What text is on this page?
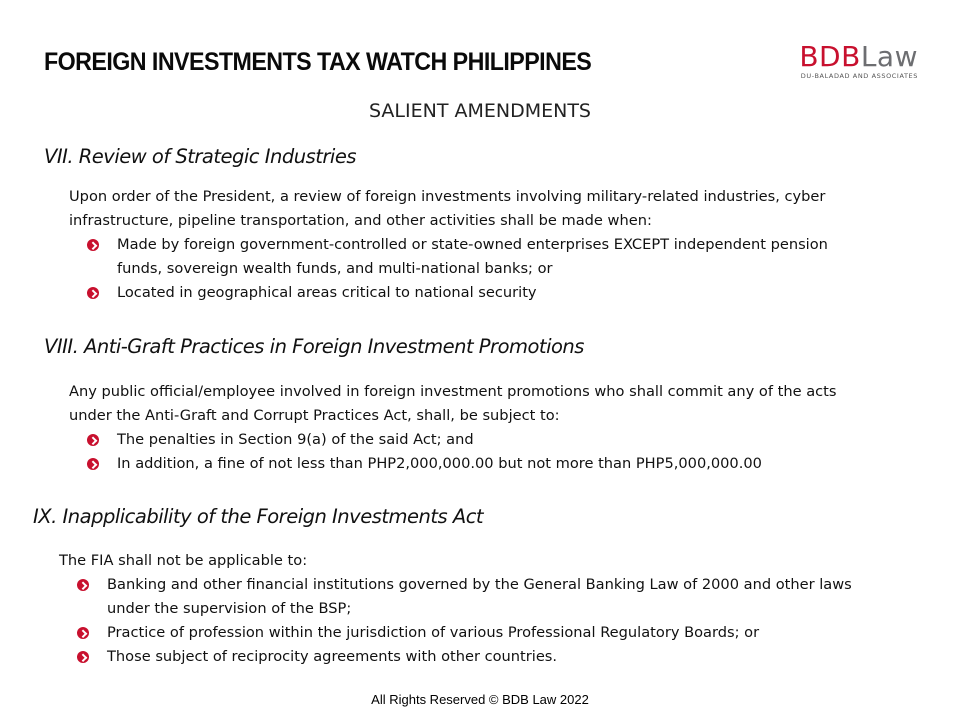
FOREIGN INVESTMENTS TAX WATCH PHILIPPINES	BDBLaw
DU-BALADAD AND ASSOCIATES
SALIENT AMENDMENTS
VII. Review of Strategic Industries
Upon order of the President, a review of foreign investments involving military-related industries, cyber infrastructure, pipeline transportation, and other activities shall be made when:
Made by foreign government-controlled or state-owned enterprises EXCEPT independent pension funds, sovereign wealth funds, and multi-national banks; or
Located in geographical areas critical to national security
VIII. Anti-Graft Practices in Foreign Investment Promotions
Any public official/employee involved in foreign investment promotions who shall commit any of the acts under the Anti-Graft and Corrupt Practices Act, shall, be subject to:
The penalties in Section 9(a) of the said Act; and
In addition, a fine of not less than PHP2,000,000.00 but not more than PHP5,000,000.00
IX. Inapplicability of the Foreign Investments Act
The FIA shall not be applicable to:
Banking and other financial institutions governed by the General Banking Law of 2000 and other laws under the supervision of the BSP;
Practice of profession within the jurisdiction of various Professional Regulatory Boards; or
Those subject of reciprocity agreements with other countries.
All Rights Reserved © BDB Law 2022
